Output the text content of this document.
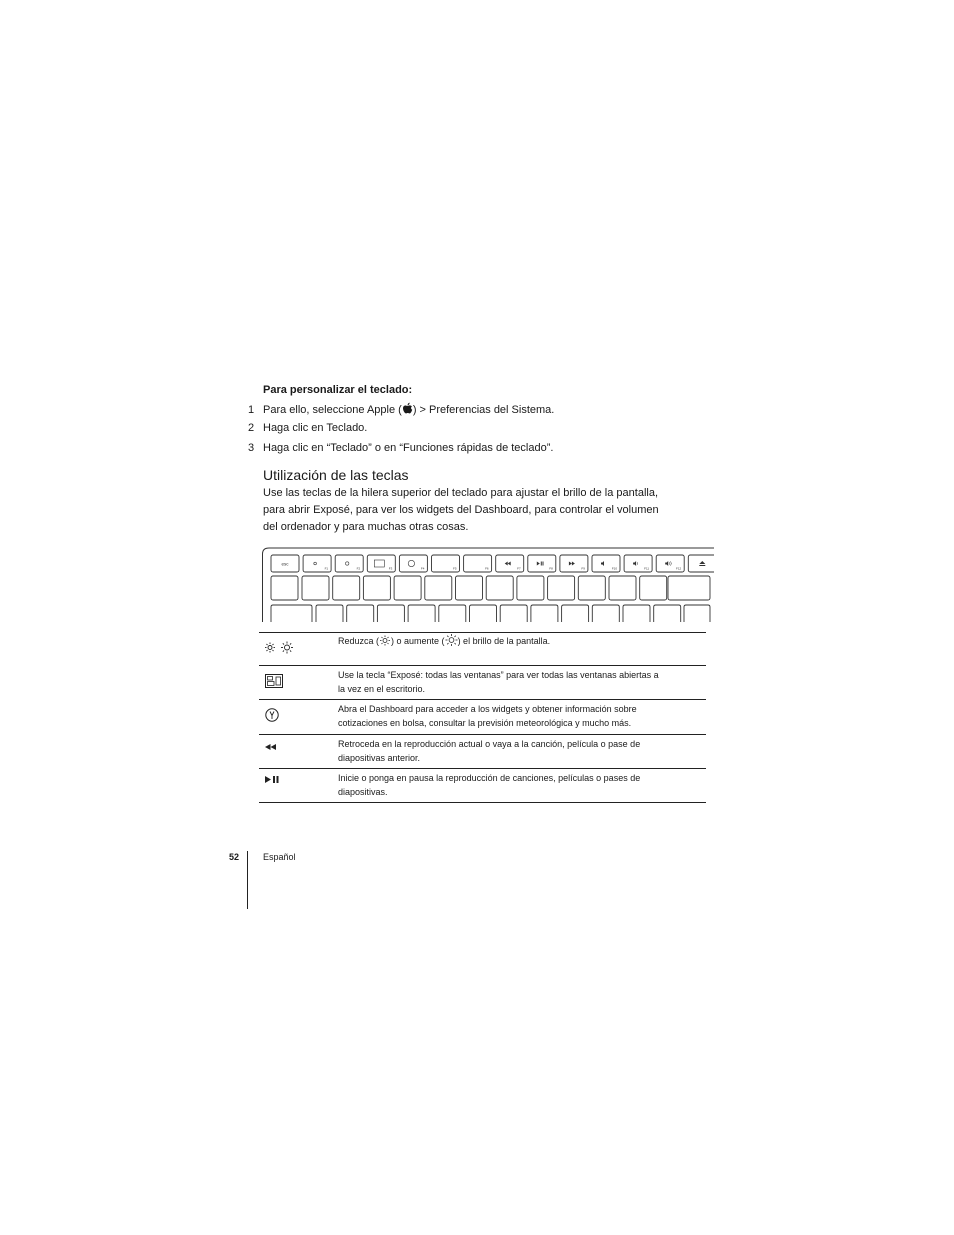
Para personalizar el teclado:
1 Para ello, seleccione Apple ( ) > Preferencias del Sistema.
2 Haga clic en Teclado.
3 Haga clic en “Teclado” o en “Funciones rápidas de teclado”.
Utilización de las teclas
Use las teclas de la hilera superior del teclado para ajustar el brillo de la pantalla,
para abrir Exposé, para ver los widgets del Dashboard, para controlar el volumen
del ordenador y para muchas otras cosas.
esc
F1	F2	F3	F4	F5	F6	F7	F8	F9	F10	F11	F12
Reduzca ( ) o aumente ( ) el brillo de la pantalla.
Use la tecla “Exposé: todas las ventanas” para ver todas las ventanas abiertas a
la vez en el escritorio.
Abra el Dashboard para acceder a los widgets y obtener información sobre
cotizaciones en bolsa, consultar la previsión meteorológica y mucho más.
Retroceda en la reproducción actual o vaya a la canción, película o pase de
diapositivas anterior.
Inicie o ponga en pausa la reproducción de canciones, películas o pases de
diapositivas.
52	Español
